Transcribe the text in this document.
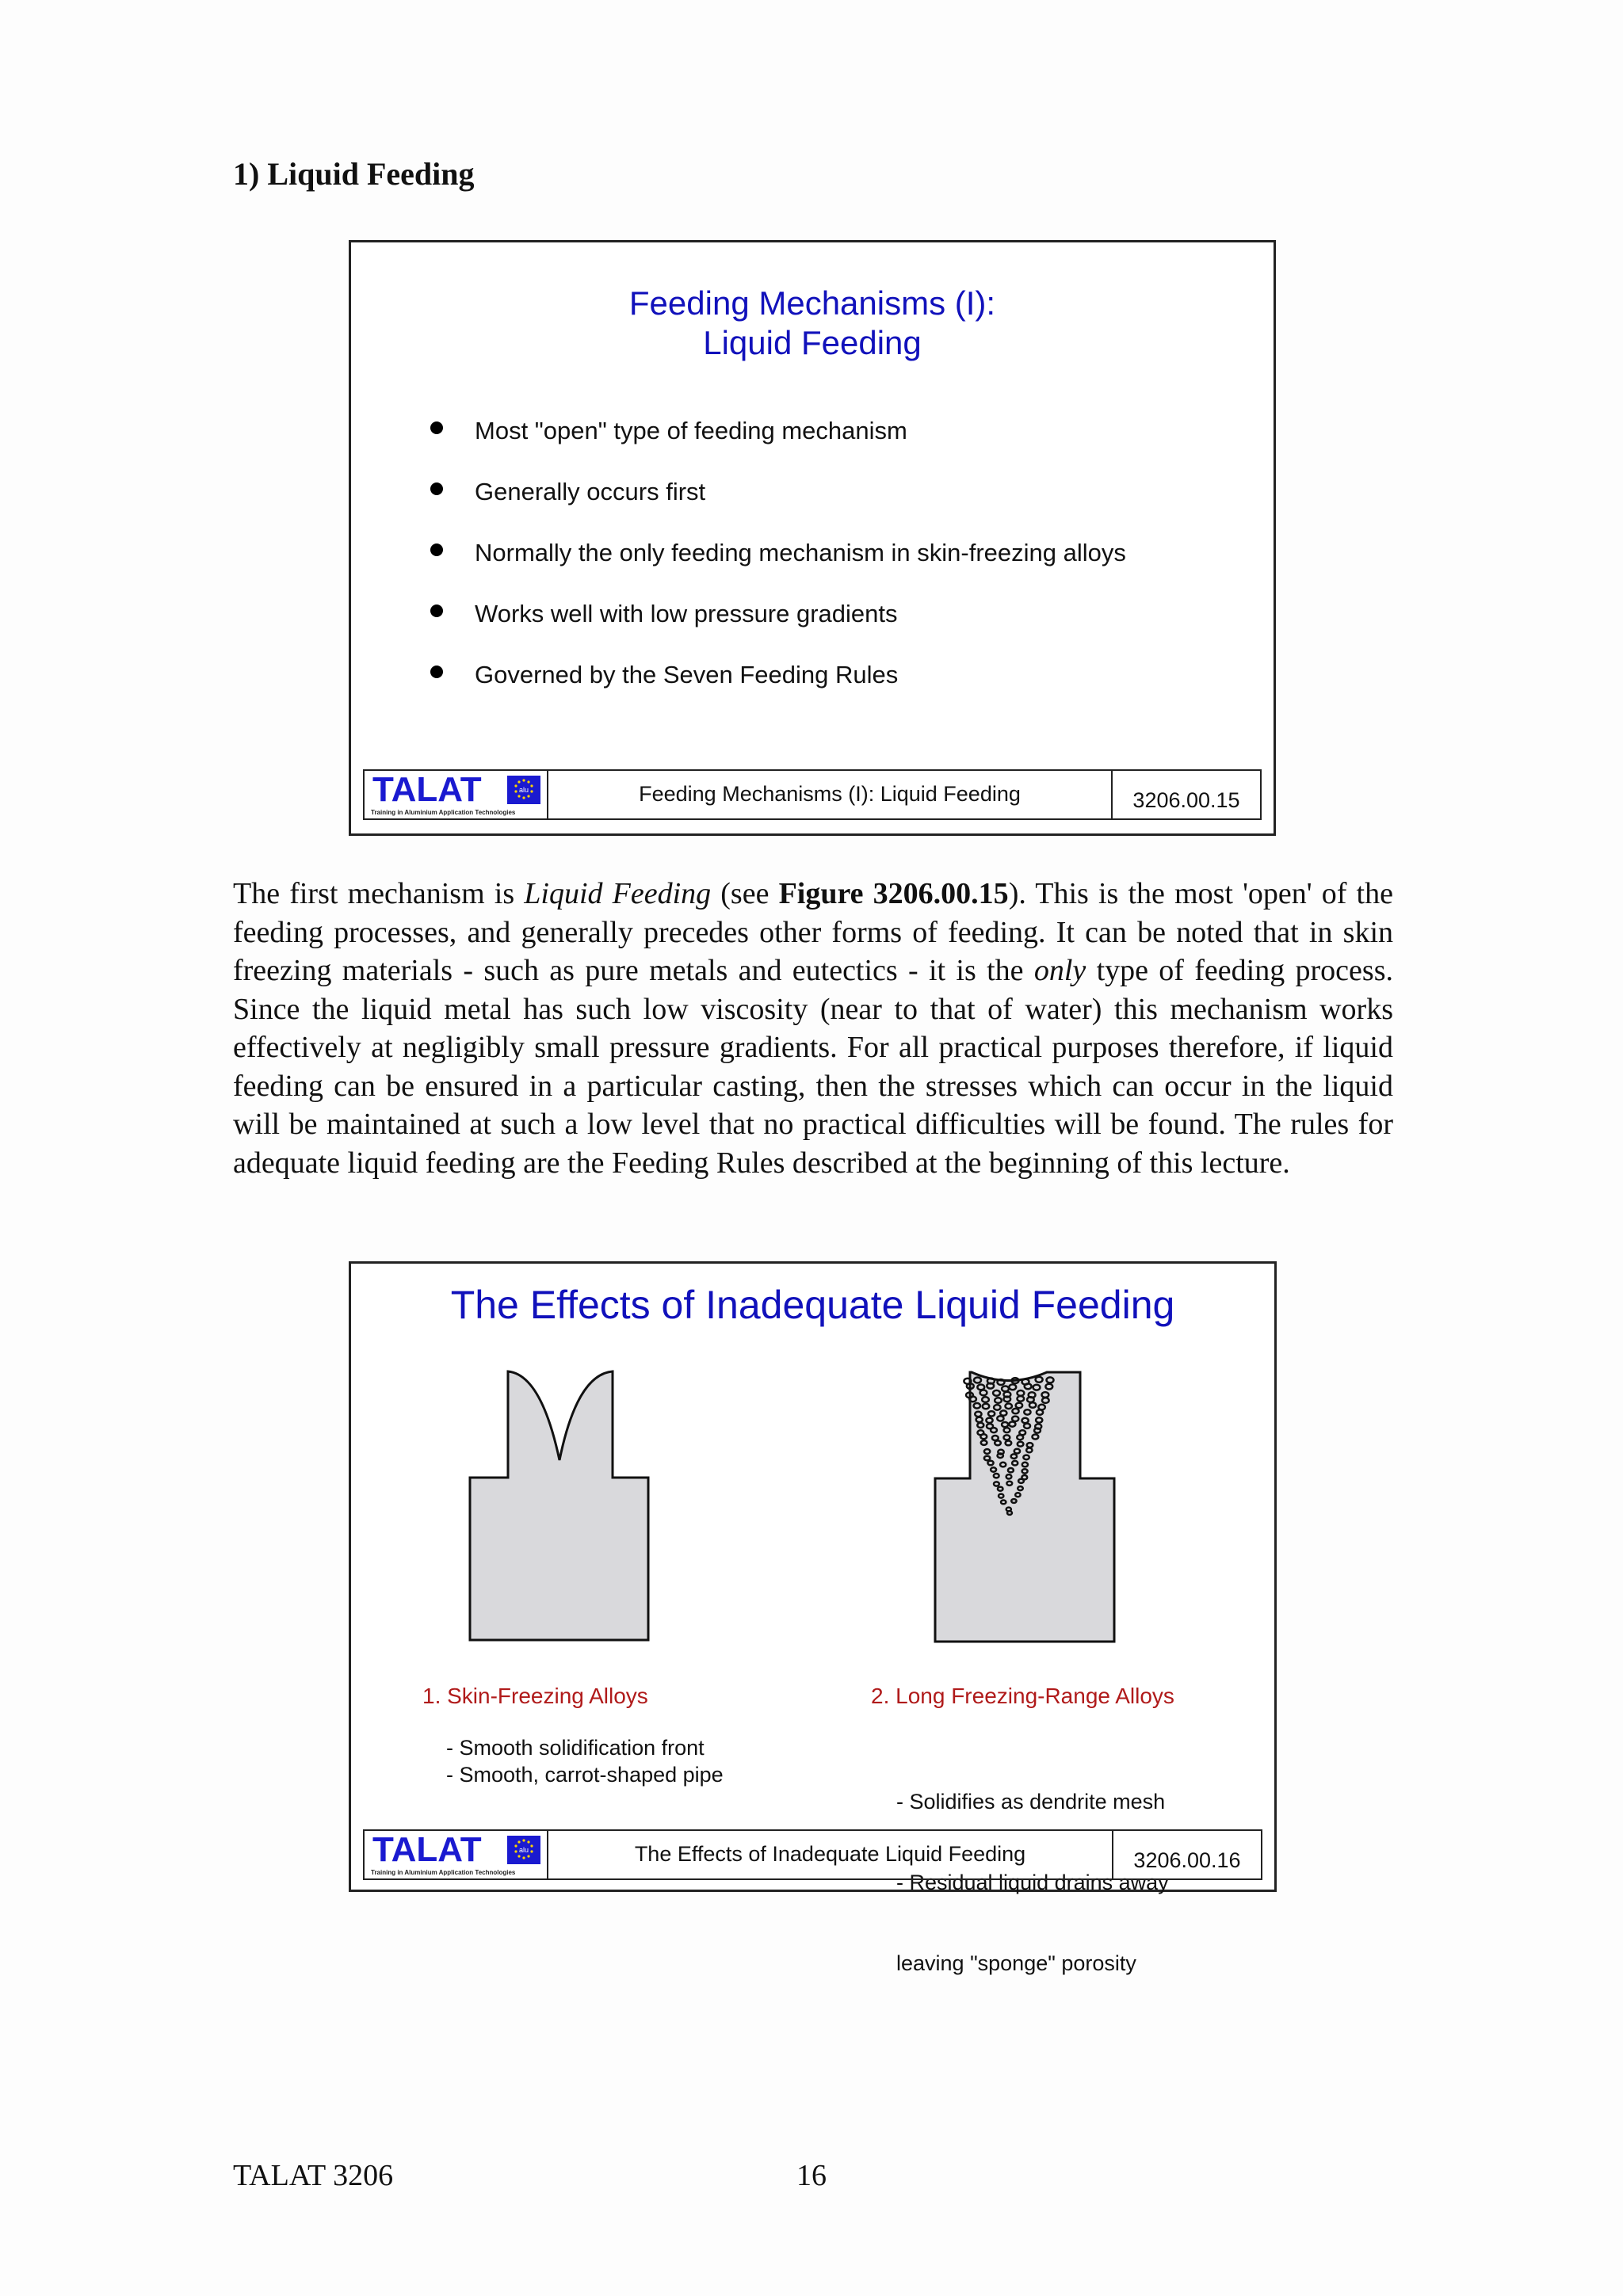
1) Liquid Feeding
Feeding Mechanisms (I):
Liquid Feeding
Most "open" type of feeding mechanism
Generally occurs first
Normally the only feeding mechanism in skin-freezing alloys
Works well with low pressure gradients
Governed by the Seven Feeding Rules
TALAT	alu
Training in Aluminium Application Technologies
Feeding Mechanisms (I): Liquid Feeding	3206.00.15

The first mechanism is Liquid Feeding (see Figure 3206.00.15). This is the most 'open' of the feeding processes, and generally precedes other forms of feeding. It can be noted that in skin freezing materials - such as pure metals and eutectics - it is the only type of feeding process. Since the liquid metal has such low viscosity (near to that of water) this mechanism works effectively at negligibly small pressure gradients. For all practical purposes therefore, if liquid feeding can be ensured in a particular casting, then the stresses which can occur in the liquid will be maintained at such a low level that no practical difficulties will be found. The rules for adequate liquid feeding are the Feeding Rules described at the beginning of this lecture.

The Effects of Inadequate Liquid Feeding
1. Skin-Freezing Alloys
- Smooth solidification front
- Smooth, carrot-shaped pipe
2. Long Freezing-Range Alloys

- Solidifies as dendrite mesh

- Residual liquid drains away

leaving "sponge" porosity

TALAT	alu
Training in Aluminium Application Technologies
The Effects of Inadequate Liquid Feeding	3206.00.16
TALAT 3206	16
